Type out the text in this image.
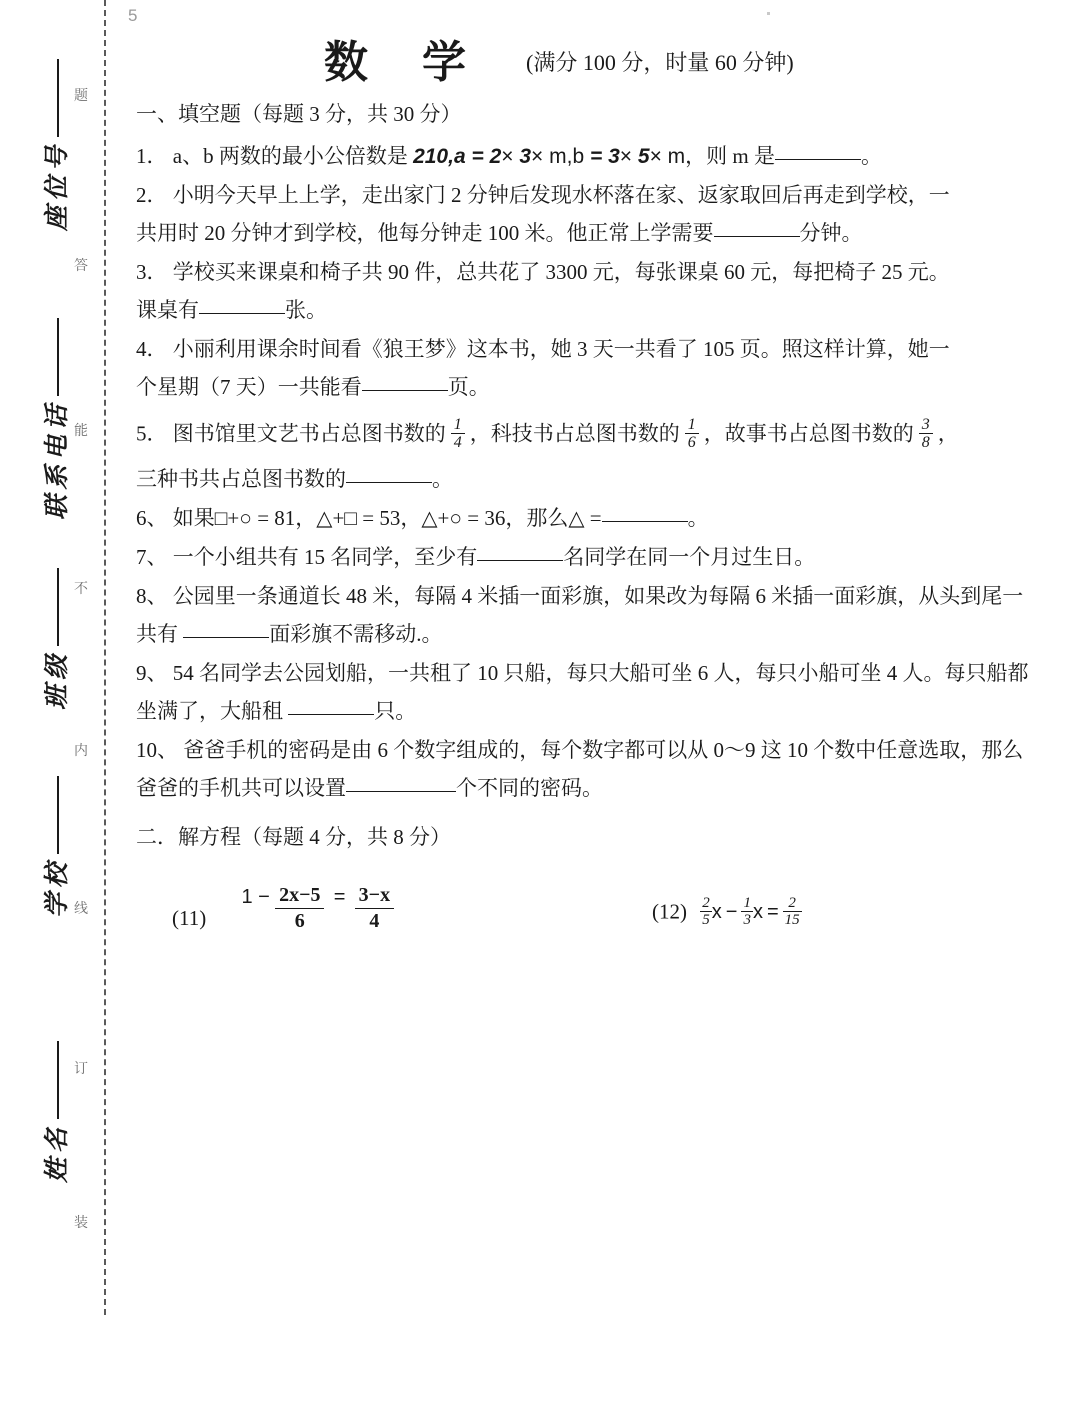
座位号
联系电话
班级
学校
姓名
题
答
能
不
内
线
订
装
5
数学 (满分 100 分，时量 60 分钟)
一、填空题（每题 3 分，共 30 分）
1． a、b 两数的最小公倍数是 210,a = 2× 3× m,b = 3× 5× m，则 m 是	。
2． 小明今天早上上学，走出家门 2 分钟后发现水杯落在家、返家取回后再走到学校，一
共用时 20 分钟才到学校，他每分钟走 100 米。他正常上学需要	分钟。
3． 学校买来课桌和椅子共 90 件，总共花了 3300 元，每张课桌 60 元，每把椅子 25 元。
课桌有	张。
4． 小丽利用课余时间看《狼王梦》这本书，她 3 天一共看了 105 页。照这样计算，她一
个星期（7 天）一共能看	页。
5． 图书馆里文艺书占总图书数的 $\frac{1}{4}$ ，科技书占总图书数的 $\frac{1}{6}$ ，故事书占总图书数的 $\frac{3}{8}$ ，
三种书共占总图书数的	。
6、 如果□+○ = 81，△+□ = 53，△+○ = 36，那么△ =	。
7、 一个小组共有 15 名同学，至少有	名同学在同一个月过生日。
8、 公园里一条通道长 48 米，每隔 4 米插一面彩旗，如果改为每隔 6 米插一面彩旗，从头到尾一
共有	面彩旗不需移动.。
9、 54 名同学去公园划船，一共租了 10 只船，每只大船可坐 6 人，每只小船可坐 4 人。每只船都
坐满了，大船租	只。
10、 爸爸手机的密码是由 6 个数字组成的，每个数字都可以从 0～9 这 10 个数中任意选取，那么
爸爸的手机共可以设置	个不同的密码。
二．解方程（每题 4 分，共 8 分）
(11) $1 - \frac{2x-5}{6} = \frac{3-x}{4}$	$(12) \frac{2}{5}$ $x - \frac{1}{3}$ $x = \frac{2}{15}$
